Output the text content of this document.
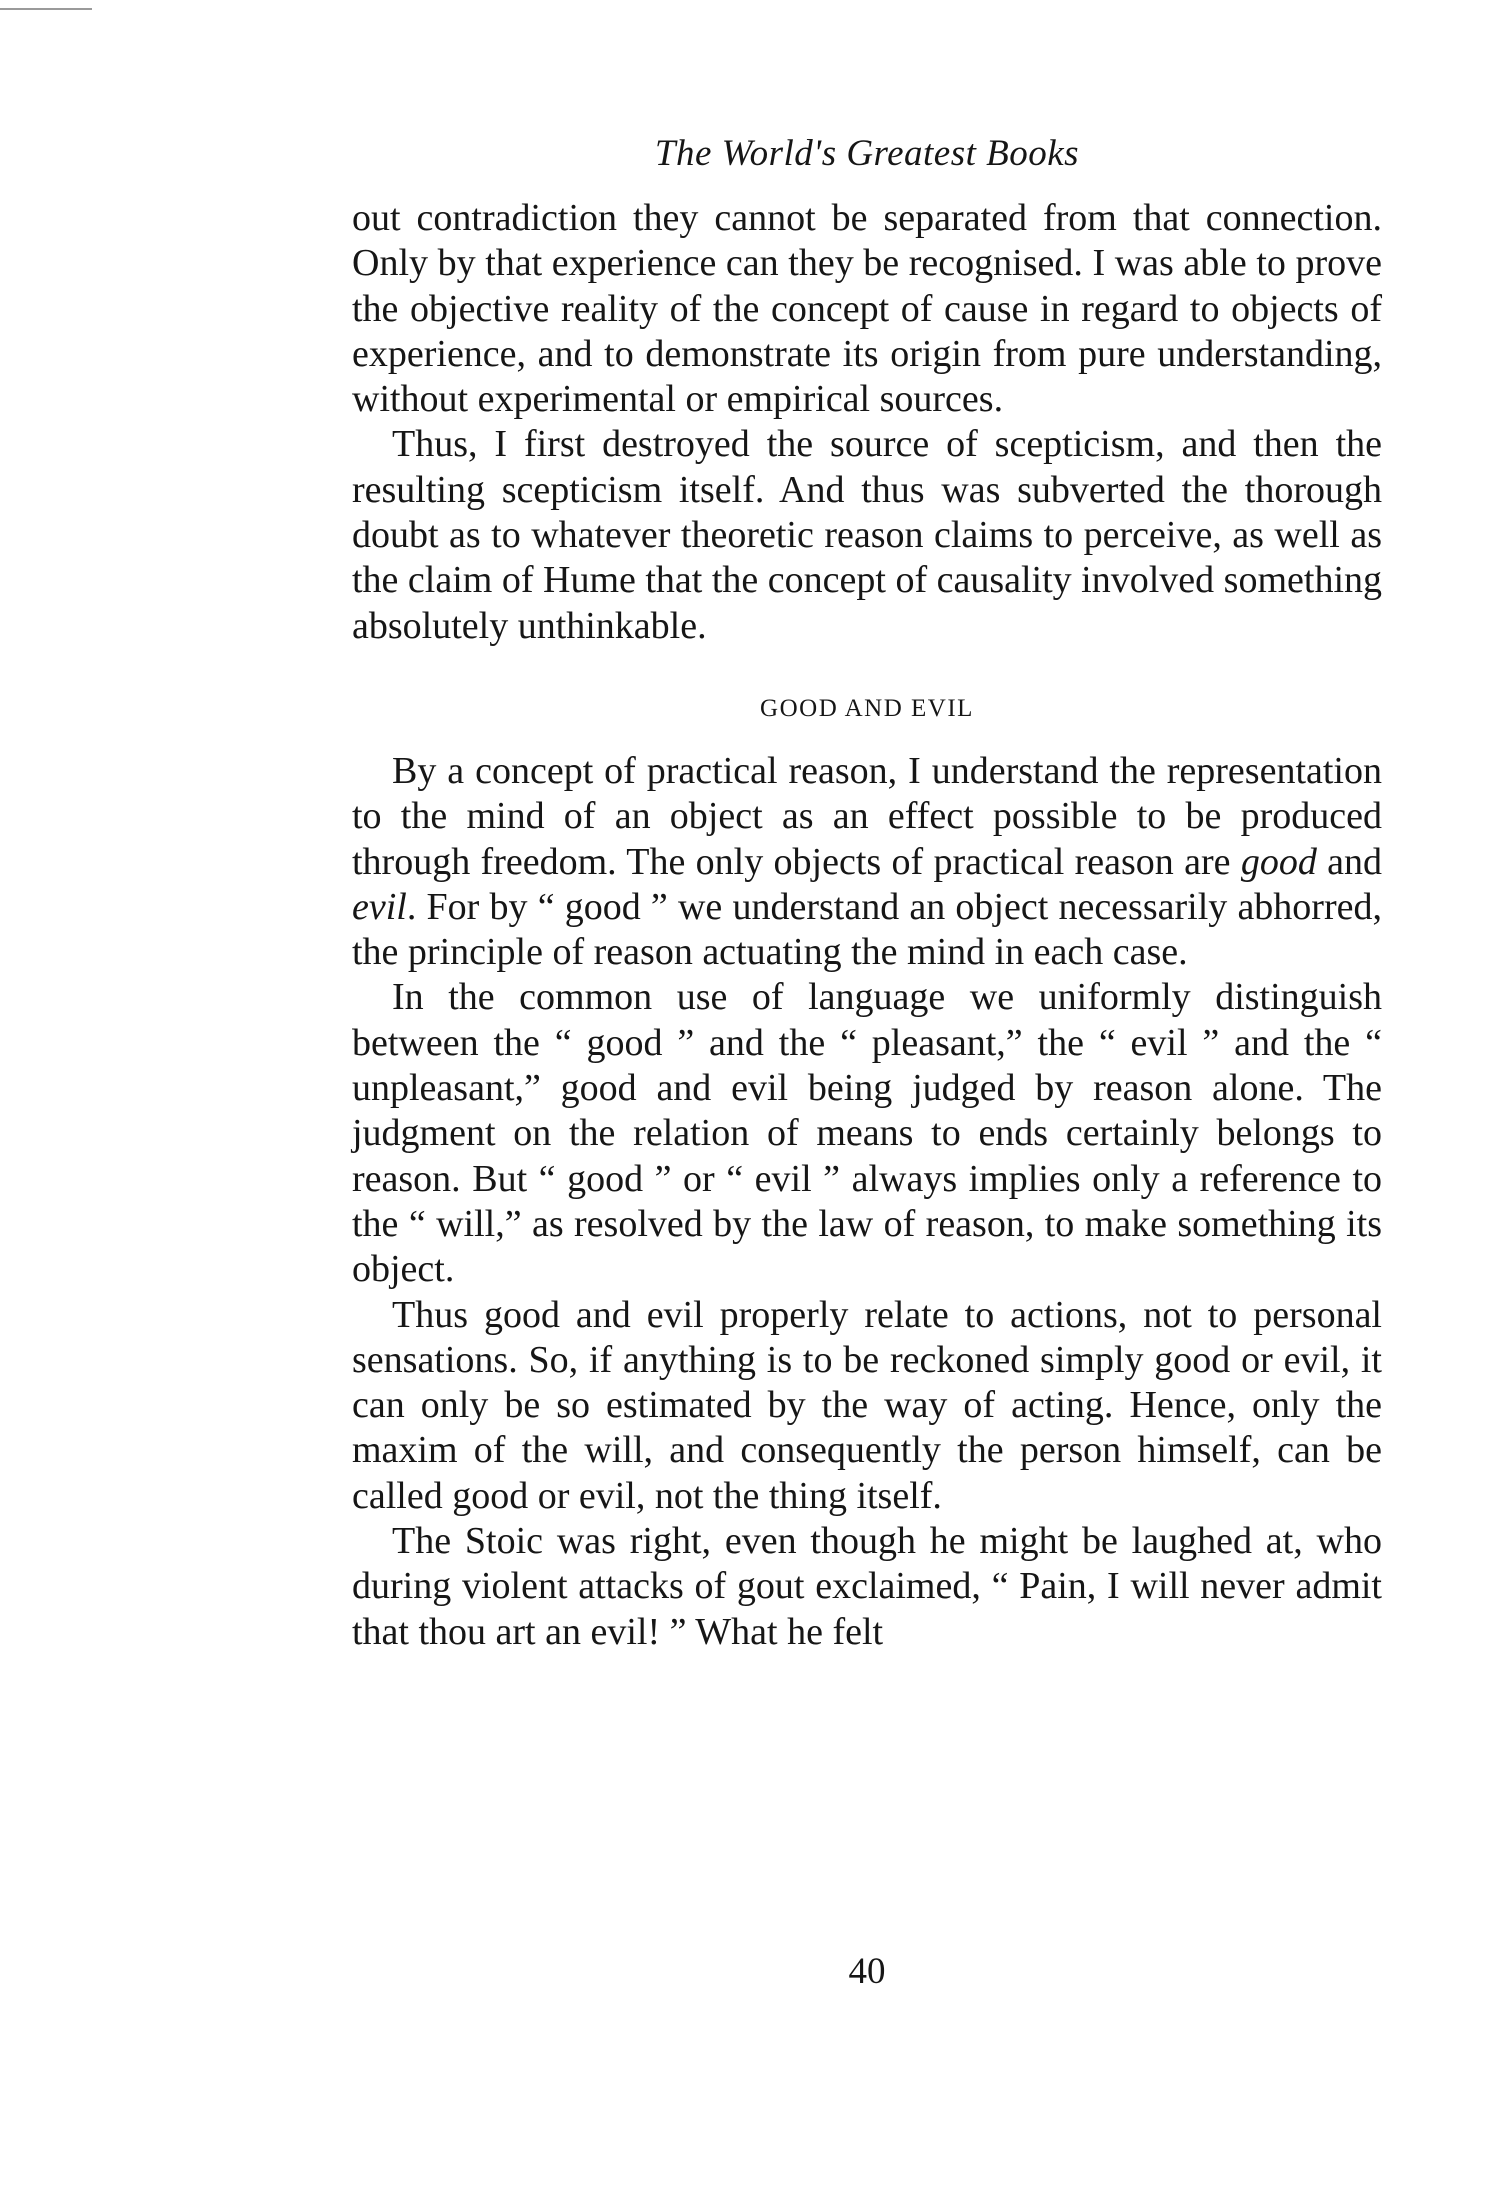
The World's Greatest Books

out contradiction they cannot be separated from that connection. Only by that experience can they be recognised. I was able to prove the objective reality of the concept of cause in regard to objects of experience, and to demonstrate its origin from pure understanding, without experimental or empirical sources.

Thus, I first destroyed the source of scepticism, and then the resulting scepticism itself. And thus was subverted the thorough doubt as to whatever theoretic reason claims to perceive, as well as the claim of Hume that the concept of causality involved something absolutely unthinkable.

GOOD AND EVIL

By a concept of practical reason, I understand the representation to the mind of an object as an effect possible to be produced through freedom. The only objects of practical reason are good and evil. For by “ good ” we understand an object necessarily abhorred, the principle of reason actuating the mind in each case.

In the common use of language we uniformly distinguish between the “ good ” and the “ pleasant,” the “ evil ” and the “ unpleasant,” good and evil being judged by reason alone. The judgment on the relation of means to ends certainly belongs to reason. But “ good ” or “ evil ” always implies only a reference to the “ will,” as resolved by the law of reason, to make something its object.

Thus good and evil properly relate to actions, not to personal sensations. So, if anything is to be reckoned simply good or evil, it can only be so estimated by the way of acting. Hence, only the maxim of the will, and consequently the person himself, can be called good or evil, not the thing itself.

The Stoic was right, even though he might be laughed at, who during violent attacks of gout exclaimed, “ Pain, I will never admit that thou art an evil! ” What he felt

40
